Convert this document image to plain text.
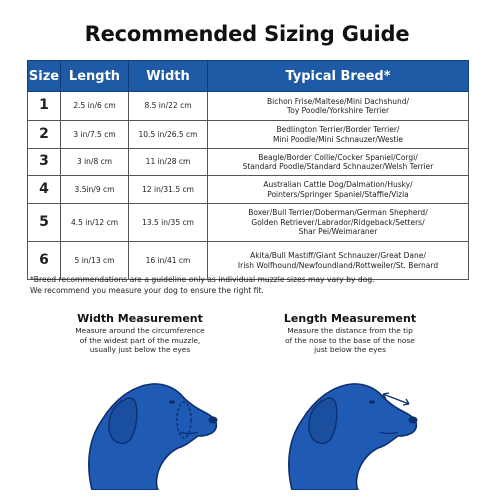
Recommended Sizing Guide
Size	Length	Width	Typical Breed*
1	2.5 in/6 cm	8.5 in/22 cm	Bichon Frise/Maltese/Mini Dachshund/
Toy Poodle/Yorkshire Terrier

2	3 in/7.5 cm	10.5 in/26.5 cm	Bedlington Terrier/Border Terrier/
Mini Poodle/Mini Schnauzer/Westie

3	3 in/8 cm	11 in/28 cm	Beagle/Border Collie/Cocker Spaniel/Corgi/
Standard Poodle/Standard Schnauzer/Welsh Terrier

4	3.5in/9 cm	12 in/31.5 cm	Australian Cattle Dog/Dalmation/Husky/
Pointers/Springer Spaniel/Staffie/Vizla

5	4.5 in/12 cm	13.5 in/35 cm	Boxer/Bull Terrier/Doberman/German Shepherd/
Golden Retriever/Labrador/Ridgeback/Setters/
Shar Pei/Weimaraner

6	5 in/13 cm	16 in/41 cm	Akita/Bull Mastiff/Giant Schnauzer/Great Dane/
Irish Wolfhound/Newfoundland/Rottweiler/St. Bernard
*Breed recommendations are a guideline only as individual muzzle sizes may vary by dog.
We recommend you measure your dog to ensure the right fit.
Width Measurement
Measure around the circumference
of the widest part of the muzzle,
usually just below the eyes
Length Measurement
Measure the distance from the tip
of the nose to the base of the nose
just below the eyes
